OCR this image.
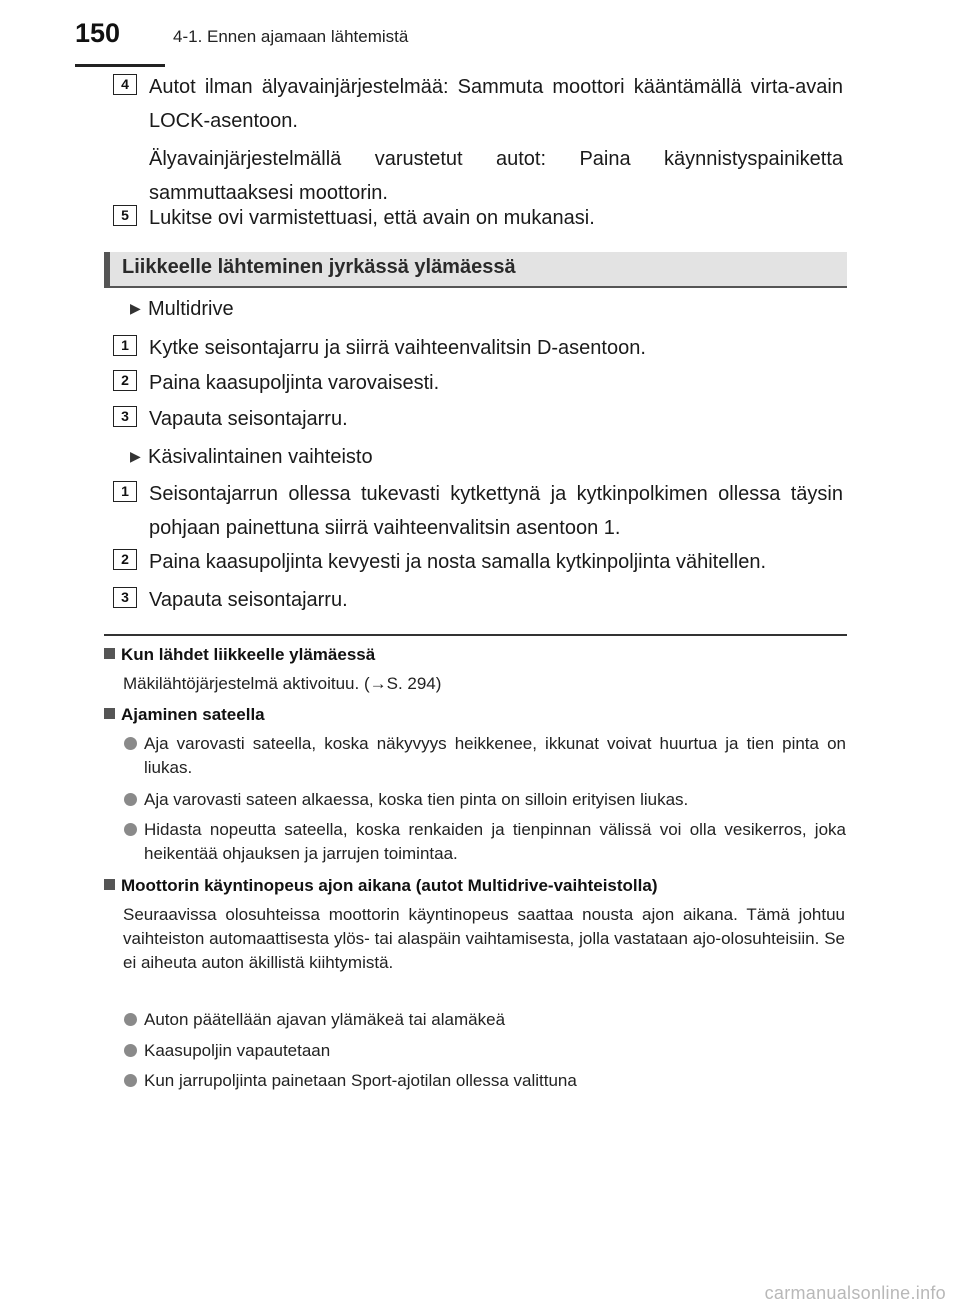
150	4-1. Ennen ajamaan lähtemistä
4	Autot ilman älyavainjärjestelmää: Sammuta moottori kääntämällä virta-avain LOCK-asentoon.
Älyavainjärjestelmällä varustetut autot: Paina käynnistyspainiketta sammuttaaksesi moottorin.
5	Lukitse ovi varmistettuasi, että avain on mukanasi.
Liikkeelle lähteminen jyrkässä ylämäessä
▶ Multidrive
1	Kytke seisontajarru ja siirrä vaihteenvalitsin D-asentoon.
2	Paina kaasupoljinta varovaisesti.
3	Vapauta seisontajarru.
▶ Käsivalintainen vaihteisto
1	Seisontajarrun ollessa tukevasti kytkettynä ja kytkinpolkimen ollessa täysin pohjaan painettuna siirrä vaihteenvalitsin asentoon 1.
2	Paina kaasupoljinta kevyesti ja nosta samalla kytkinpoljinta vähitellen.
3	Vapauta seisontajarru.
Kun lähdet liikkeelle ylämäessä
Mäkilähtöjärjestelmä aktivoituu. (→S. 294)
Ajaminen sateella
Aja varovasti sateella, koska näkyvyys heikkenee, ikkunat voivat huurtua ja tien pinta on liukas.
Aja varovasti sateen alkaessa, koska tien pinta on silloin erityisen liukas.
Hidasta nopeutta sateella, koska renkaiden ja tienpinnan välissä voi olla vesikerros, joka heikentää ohjauksen ja jarrujen toimintaa.
Moottorin käyntinopeus ajon aikana (autot Multidrive-vaihteistolla)
Seuraavissa olosuhteissa moottorin käyntinopeus saattaa nousta ajon aikana. Tämä johtuu vaihteiston automaattisesta ylös- tai alaspäin vaihtamisesta, jolla vastataan ajo-olosuhteisiin. Se ei aiheuta auton äkillistä kiihtymistä.
Auton päätellään ajavan ylämäkeä tai alamäkeä
Kaasupoljin vapautetaan
Kun jarrupoljinta painetaan Sport-ajotilan ollessa valittuna
carmanualsonline.info
